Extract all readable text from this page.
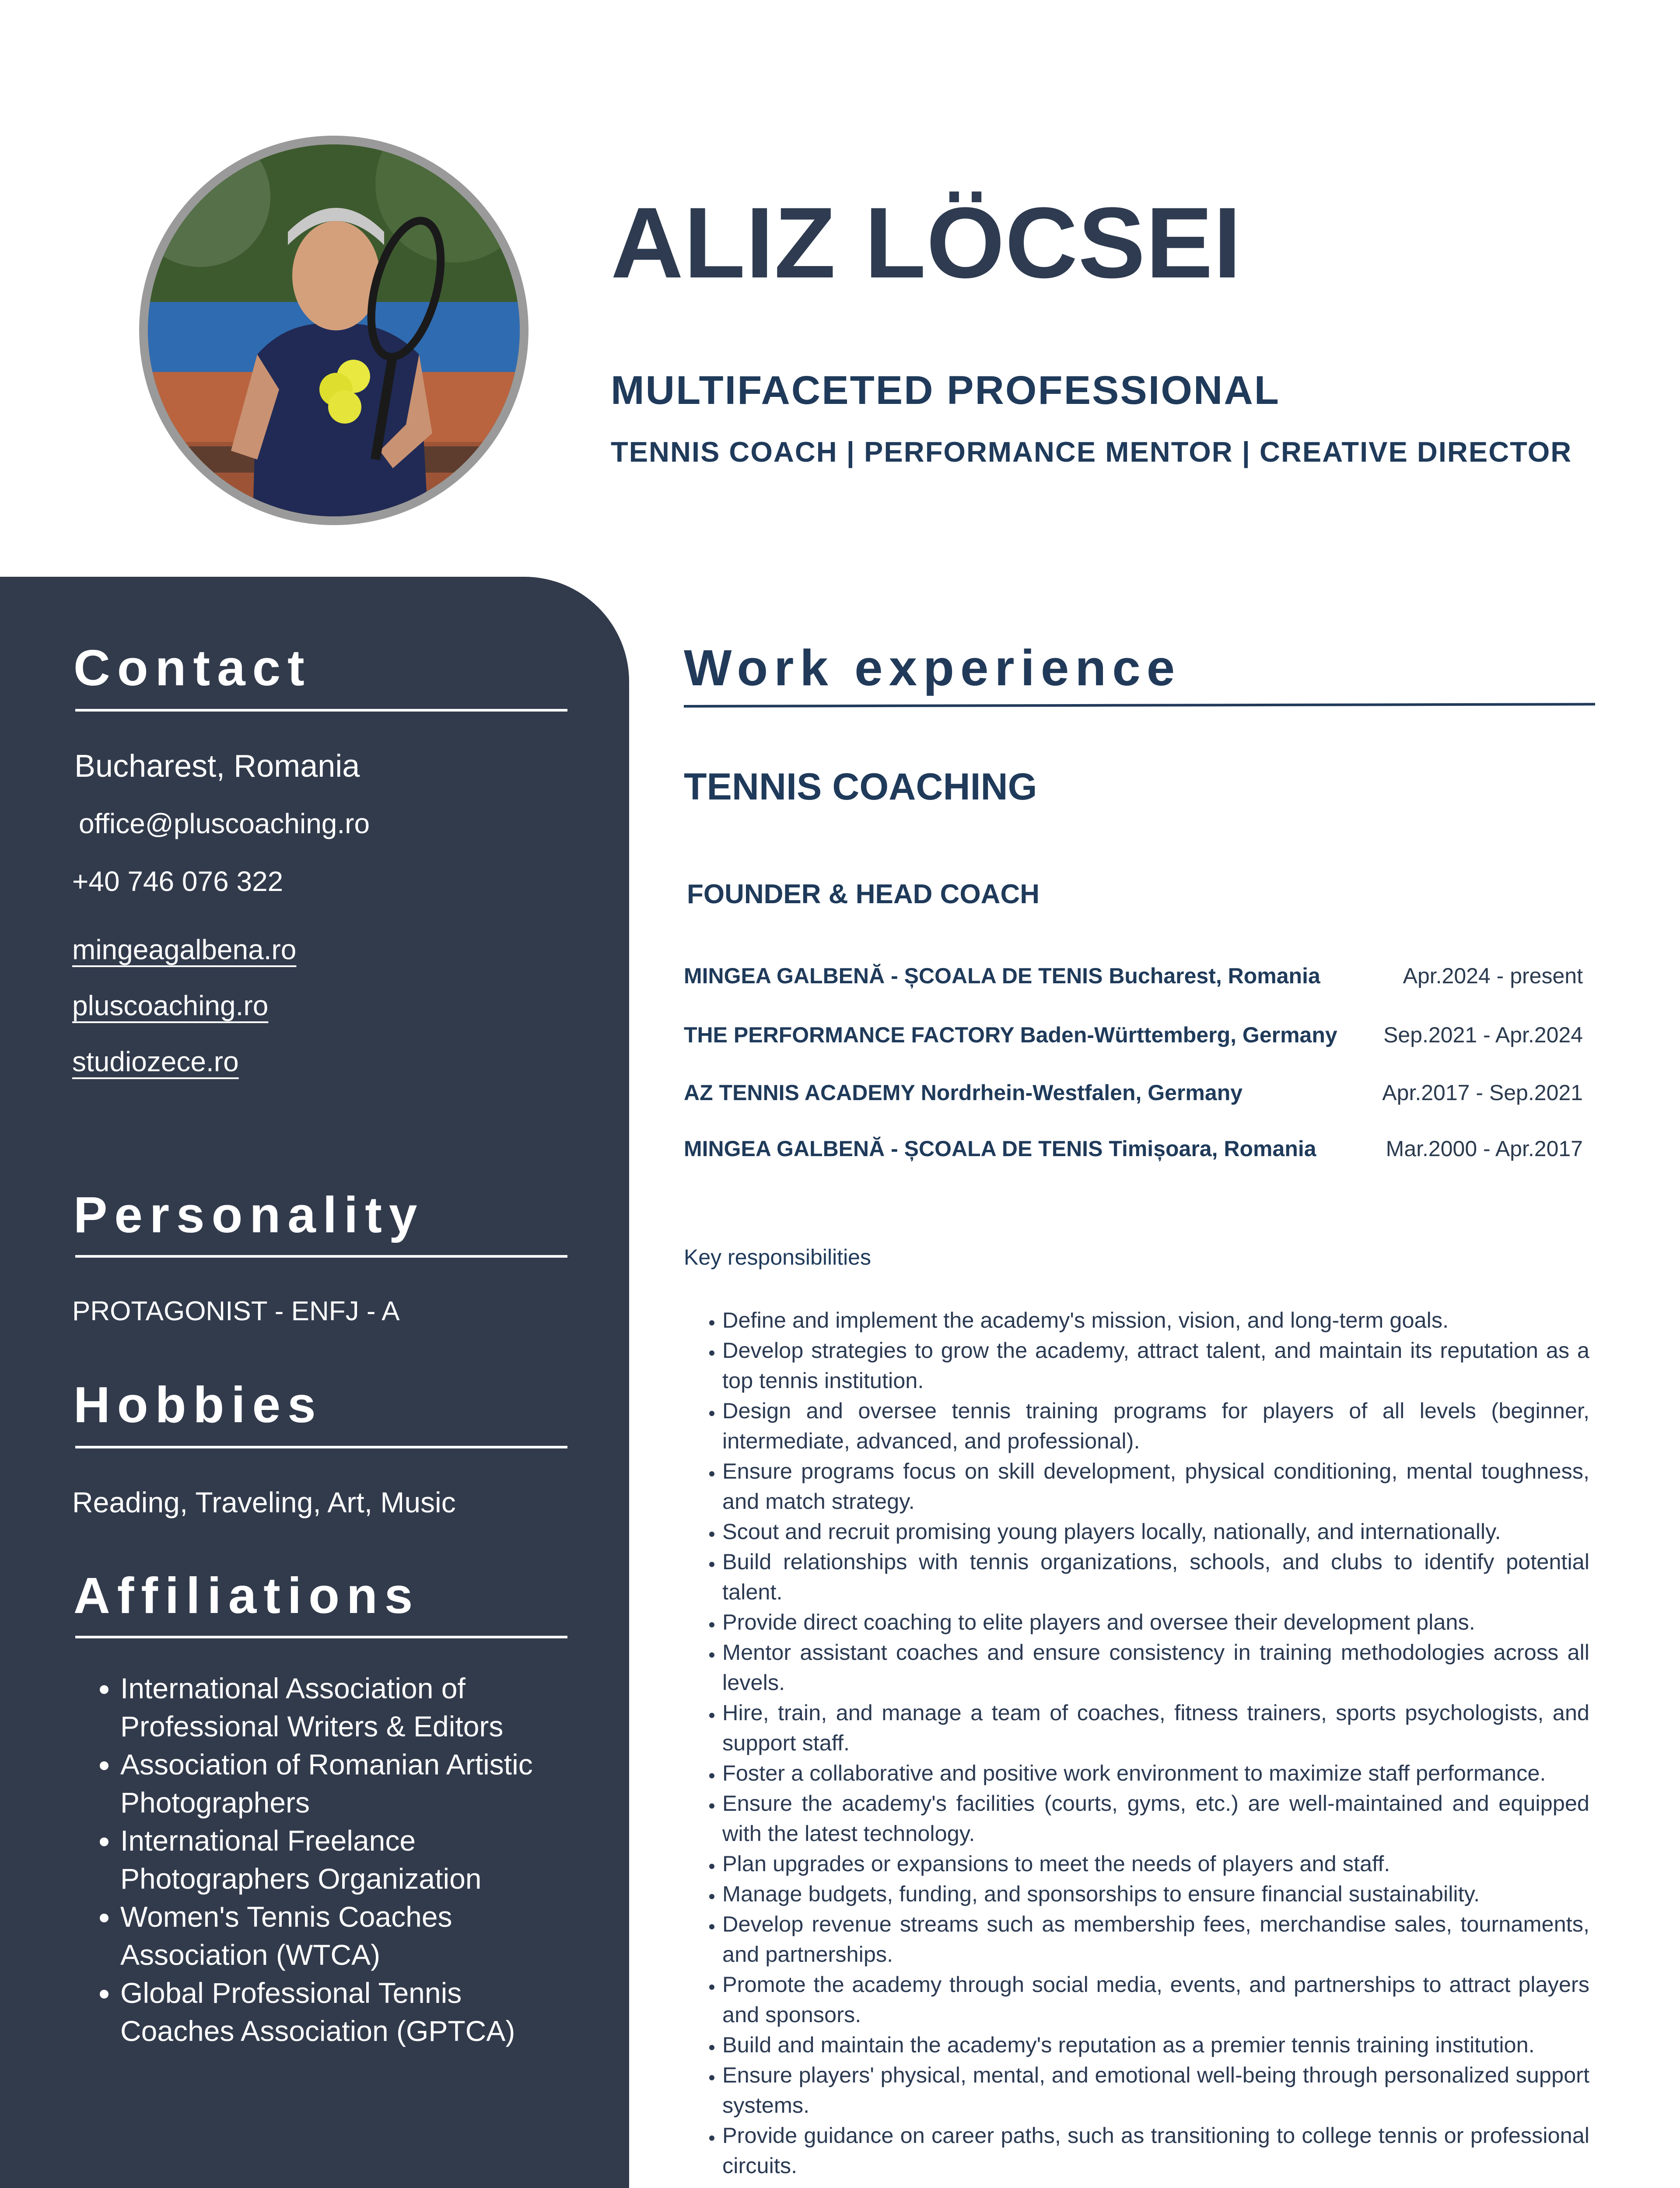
ALIZ LÖCSEI
MULTIFACETED PROFESSIONAL
TENNIS COACH | PERFORMANCE MENTOR | CREATIVE DIRECTOR
Contact
Bucharest, Romania
office@pluscoaching.ro
+40 746 076 322
mingeagalbena.ro
pluscoaching.ro
studiozece.ro
Personality
PROTAGONIST - ENFJ - A
Hobbies
Reading, Traveling, Art, Music
Affiliations
• International Association of Professional Writers & Editors
• Association of Romanian Artistic Photographers
• International Freelance Photographers Organization
• Women's Tennis Coaches Association (WTCA)
• Global Professional Tennis Coaches Association (GPTCA)
Work experience
TENNIS COACHING
FOUNDER & HEAD COACH
MINGEA GALBENĂ - ȘCOALA DE TENIS Bucharest, Romania	Apr.2024 - present
THE PERFORMANCE FACTORY Baden-Württemberg, Germany Sep.2021 - Apr.2024
AZ TENNIS ACADEMY Nordrhein-Westfalen, Germany	Apr.2017 - Sep.2021
MINGEA GALBENĂ - ȘCOALA DE TENIS Timișoara, Romania	Mar.2000 - Apr.2017
Key responsibilities
• Define and implement the academy's mission, vision, and long-term goals.
• Develop strategies to grow the academy, attract talent, and maintain its reputation as a top tennis institution.
• Design and oversee tennis training programs for players of all levels (beginner, intermediate, advanced, and professional).
• Ensure programs focus on skill development, physical conditioning, mental toughness, and match strategy.
• Scout and recruit promising young players locally, nationally, and internationally.
• Build relationships with tennis organizations, schools, and clubs to identify potential talent.
• Provide direct coaching to elite players and oversee their development plans.
• Mentor assistant coaches and ensure consistency in training methodologies across all levels.
• Hire, train, and manage a team of coaches, fitness trainers, sports psychologists, and support staff.
• Foster a collaborative and positive work environment to maximize staff performance.
• Ensure the academy's facilities (courts, gyms, etc.) are well-maintained and equipped with the latest technology.
• Plan upgrades or expansions to meet the needs of players and staff.
• Manage budgets, funding, and sponsorships to ensure financial sustainability.
• Develop revenue streams such as membership fees, merchandise sales, tournaments, and partnerships.
• Promote the academy through social media, events, and partnerships to attract players and sponsors.
• Build and maintain the academy's reputation as a premier tennis training institution.
• Ensure players' physical, mental, and emotional well-being through personalized support systems.
• Provide guidance on career paths, such as transitioning to college tennis or professional circuits.
